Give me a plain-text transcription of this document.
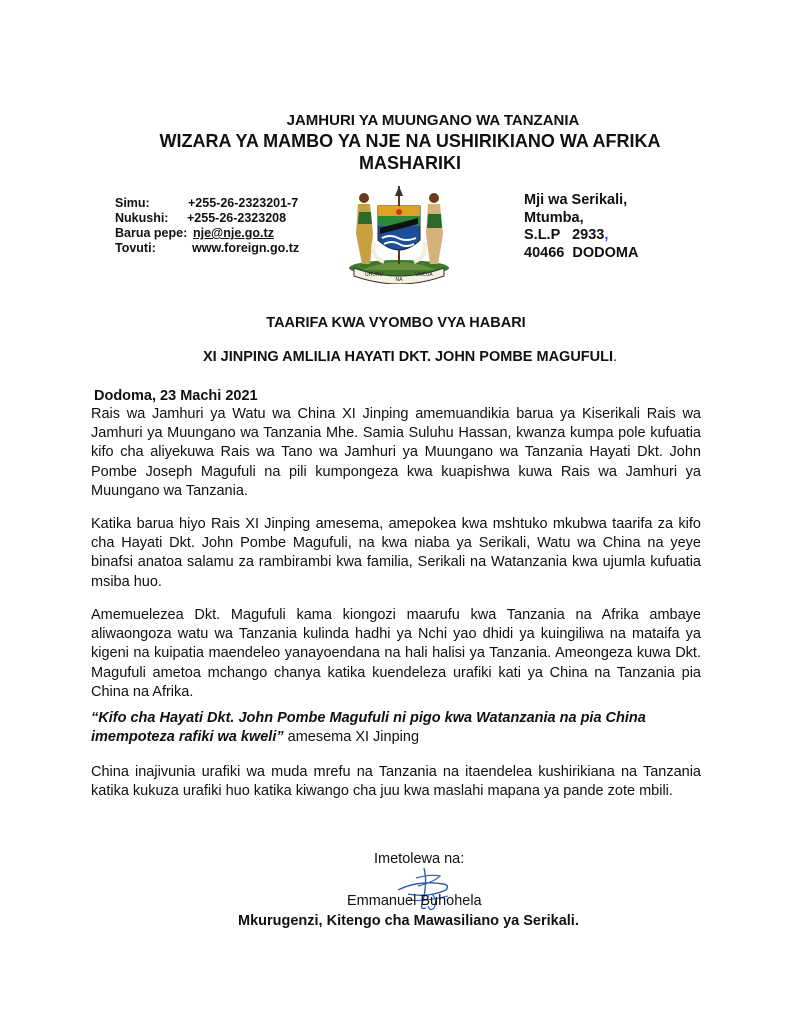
JAMHURI YA MUUNGANO WA TANZANIA
WIZARA YA MAMBO YA NJE NA USHIRIKIANO WA AFRIKA MASHARIKI
Simu:	+255-26-2323201-7
Nukushi: +255-26-2323208
Barua pepe: nje@nje.go.tz
Tovuti:	www.foreign.go.tz
UHURU
NA
UMOJA
Mji wa Serikali,
Mtumba,
S.L.P   2933,
40466  DODOMA
TAARIFA KWA VYOMBO VYA HABARI
XI JINPING AMLILIA HAYATI DKT. JOHN POMBE MAGUFULI.
Dodoma, 23 Machi 2021
Rais wa Jamhuri ya Watu wa China XI Jinping amemuandikia barua ya Kiserikali Rais wa Jamhuri ya Muungano wa Tanzania Mhe. Samia Suluhu Hassan, kwanza kumpa pole kufuatia kifo cha aliyekuwa Rais wa Tano wa Jamhuri ya Muungano wa Tanzania Hayati Dkt. John Pombe Joseph Magufuli na pili kumpongeza kwa kuapishwa kuwa Rais wa Jamhuri ya Muungano wa Tanzania.
Katika barua hiyo Rais XI Jinping amesema, amepokea kwa mshtuko mkubwa taarifa za kifo cha Hayati Dkt. John Pombe Magufuli, na kwa niaba ya Serikali, Watu wa China na yeye binafsi anatoa salamu za rambirambi kwa familia, Serikali na Watanzania kwa ujumla kufuatia msiba huo.
Amemuelezea Dkt. Magufuli kama kiongozi maarufu kwa Tanzania na Afrika ambaye aliwaongoza watu wa Tanzania kulinda hadhi ya Nchi yao dhidi ya kuingiliwa na mataifa ya kigeni na kuipatia maendeleo yanayoendana na hali halisi ya Tanzania. Ameongeza kuwa Dkt. Magufuli ametoa mchango chanya katika kuendeleza urafiki kati ya China na Tanzania pia China na Afrika.
“Kifo cha Hayati Dkt. John Pombe Magufuli ni pigo kwa Watanzania na pia China imempoteza rafiki wa kweli” amesema XI Jinping
China inajivunia urafiki wa muda mrefu na Tanzania na itaendelea kushirikiana na Tanzania katika kukuza urafiki huo katika kiwango cha juu kwa maslahi mapana ya pande zote mbili.
Imetolewa na:
Emmanuel Buhohela
Mkurugenzi, Kitengo cha Mawasiliano ya Serikali.
